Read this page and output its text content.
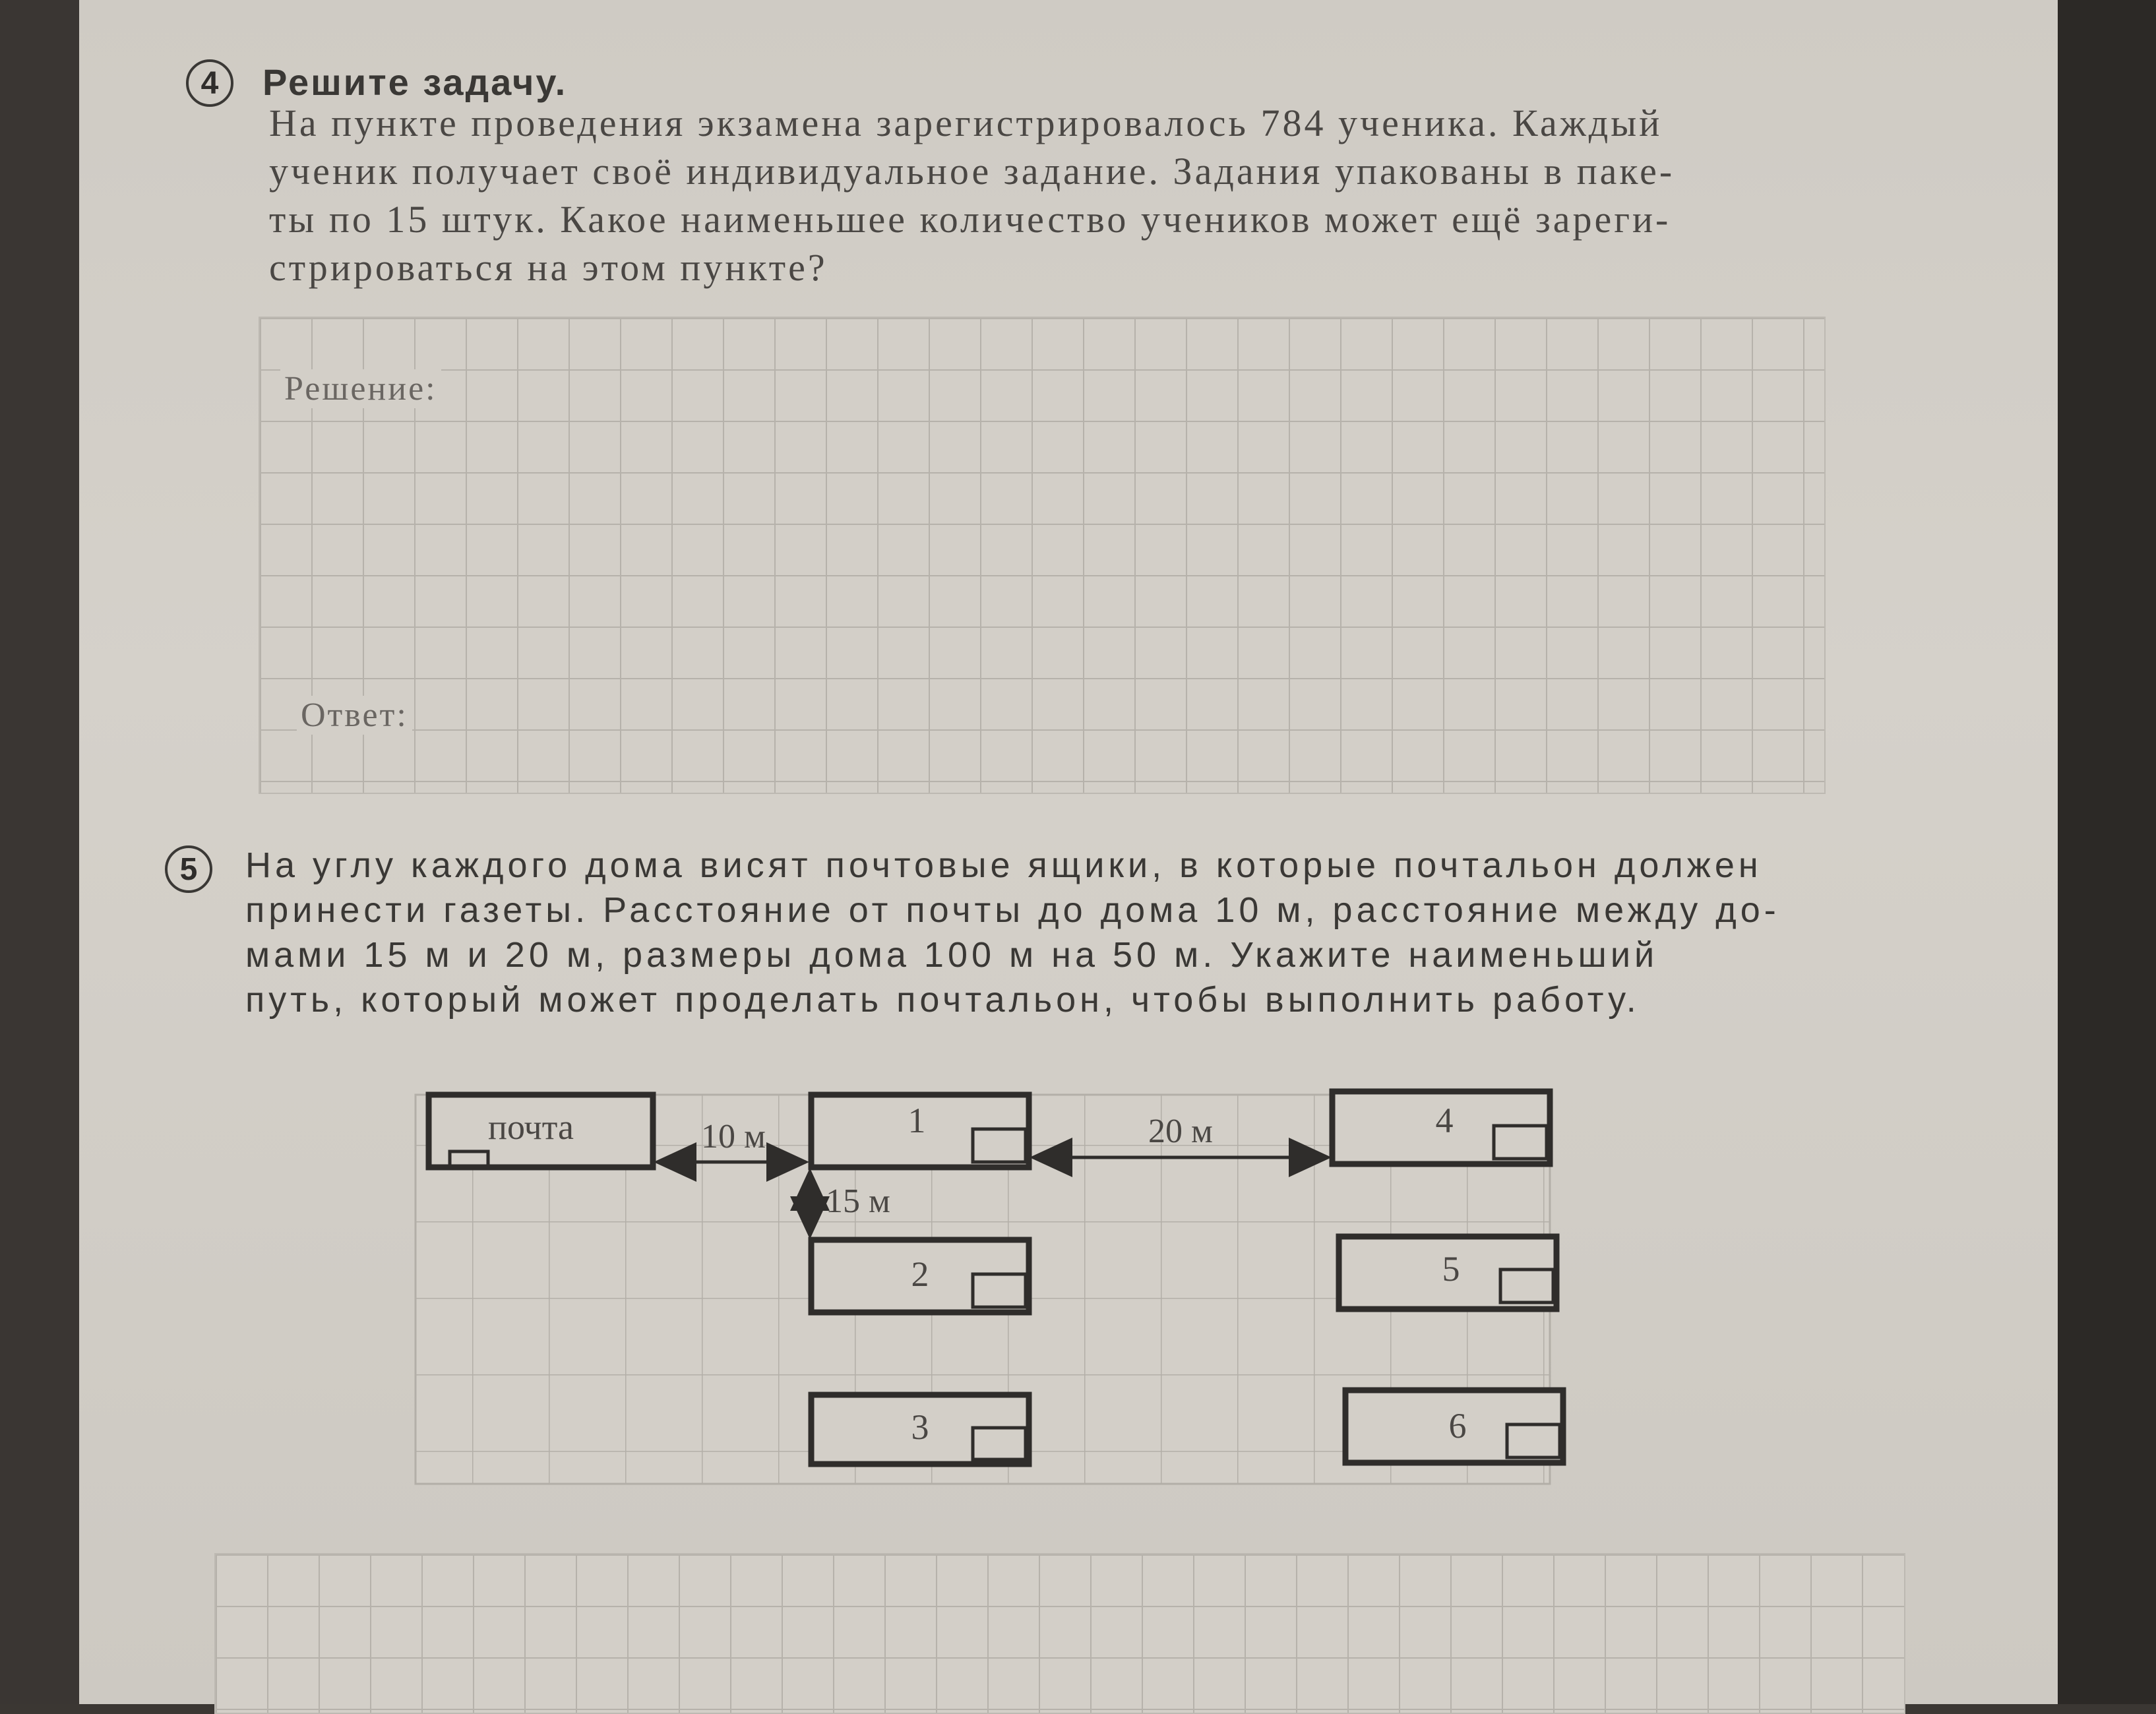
4	Решите задачу.
На пункте проведения экзамена зарегистрировалось 784 ученика. Каждый
ученик получает своё индивидуальное задание. Задания упакованы в паке-
ты по 15 штук. Какое наименьшее количество учеников может ещё зареги-
стрироваться на этом пункте?
Решение:
Ответ:
5	На углу каждого дома висят почтовые ящики, в которые почтальон должен
принести газеты. Расстояние от почты до дома 10 м, расстояние между до-
мами 15 м и 20 м, размеры дома 100 м на 50 м. Укажите наименьший
путь, который может проделать почтальон, чтобы выполнить работу.
почта	1
2
3
4
5
6
10 м	20 м
15 м
